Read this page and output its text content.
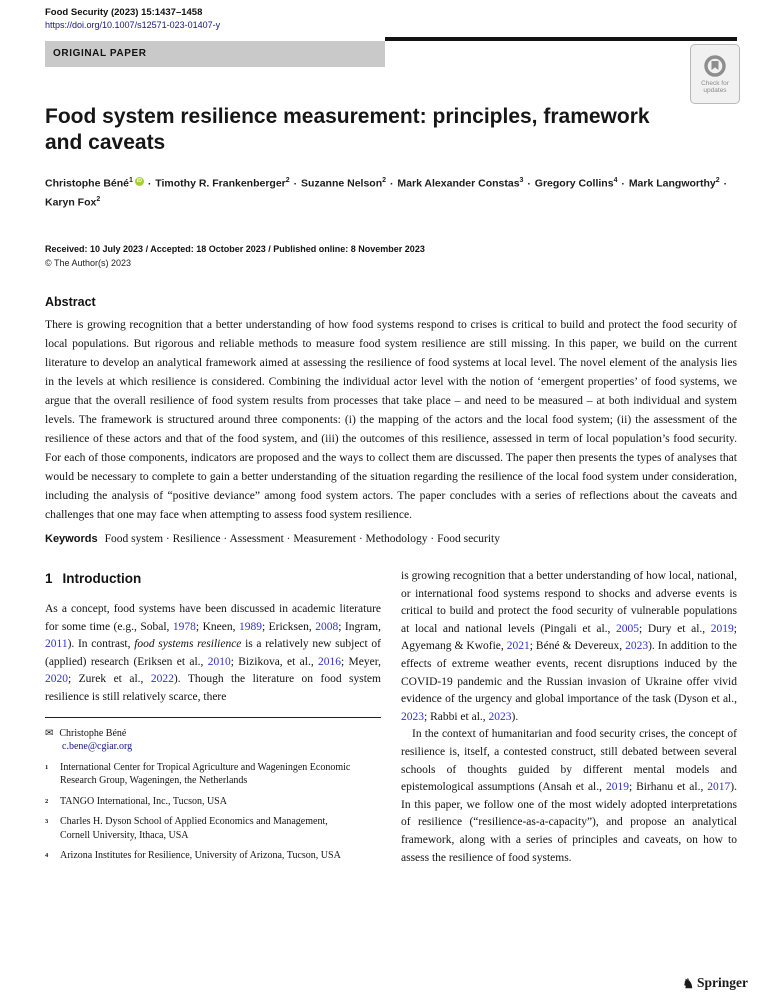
Food Security (2023) 15:1437–1458
https://doi.org/10.1007/s12571-023-01407-y
ORIGINAL PAPER
Check for
updates
Food system resilience measurement: principles, framework
and caveats
Christophe Béné$^1$ iD · Timothy R. Frankenberger$^2$ · Suzanne Nelson$^2$ · Mark Alexander Constas$^3$ · Gregory Collins$^4$ · Mark Langworthy$^2$ · Karyn Fox$^2$
Received: 10 July 2023 / Accepted: 18 October 2023 / Published online: 8 November 2023
© The Author(s) 2023
Abstract
There is growing recognition that a better understanding of how food systems respond to crises is critical to build and protect the food security of local populations. But rigorous and reliable methods to measure food system resilience are still missing. In this paper, we build on the current literature to develop an analytical framework aimed at assessing the resilience of food systems at local level. The novel element of the analysis lies in the levels at which resilience is considered. Combining the individual actor level with the notion of ‘emergent properties’ of food systems, we argue that the overall resilience of food system results from processes that take place – and need to be measured – at both individual and system levels. The framework is structured around three components: (i) the mapping of the actors and the local food system; (ii) the assessment of the resilience of these actors and that of the food system, and (iii) the outcomes of this resilience, assessed in term of local population’s food security. For each of those components, indicators are proposed and the ways to collect them are discussed. The paper then presents the types of analyses that would be necessary to complete to gain a better understanding of the situation regarding the resilience of the local food system under consideration, including the analysis of “positive deviance” among food system actors. The paper concludes with a series of reflections about the caveats and challenges that one may face when attempting to assess food system resilience.
Keywords Food system · Resilience · Assessment · Measurement · Methodology · Food security
1 Introduction

As a concept, food systems have been discussed in academic literature for some time (e.g., Sobal, 1978; Kneen, 1989; Ericksen, 2008; Ingram, 2011). In contrast, food systems resilience is a relatively new subject of (applied) research (Eriksen et al., 2010; Bizikova, et al., 2016; Meyer, 2020; Zurek et al., 2022). Though the literature on food system resilience is still relatively scarce, there

✉ Christophe Béné
c.bene@cgiar.org
1	International Center for Tropical Agriculture and Wageningen Economic Research Group, Wageningen, the Netherlands
2	TANGO International, Inc., Tucson, USA
3	Charles H. Dyson School of Applied Economics and Management, Cornell University, Ithaca, USA
4	Arizona Institutes for Resilience, University of Arizona, Tucson, USA

is growing recognition that a better understanding of how local, national, or international food systems respond to shocks and adverse events is critical to build and protect the food security of vulnerable populations at local and national levels (Pingali et al., 2005; Dury et al., 2019; Agyemang & Kwofie, 2021; Béné & Devereux, 2023). In addition to the effects of extreme weather events, recent disruptions induced by the COVID-19 pandemic and the Russian invasion of Ukraine offer vivid evidence of the urgency and global importance of the task (Dyson et al., 2023; Rabbi et al., 2023).

In the context of humanitarian and food security crises, the concept of resilience is, itself, a contested construct, still debated between several schools of thoughts guided by different mental models and epistemological assumptions (Ansah et al., 2019; Birhanu et al., 2017). In this paper, we follow one of the most widely adopted interpretations of resilience (“resilience-as-a-capacity”), and propose an analytical framework, along with a series of principles and caveats, on how to assess the resilience of food systems.

♞ Springer
